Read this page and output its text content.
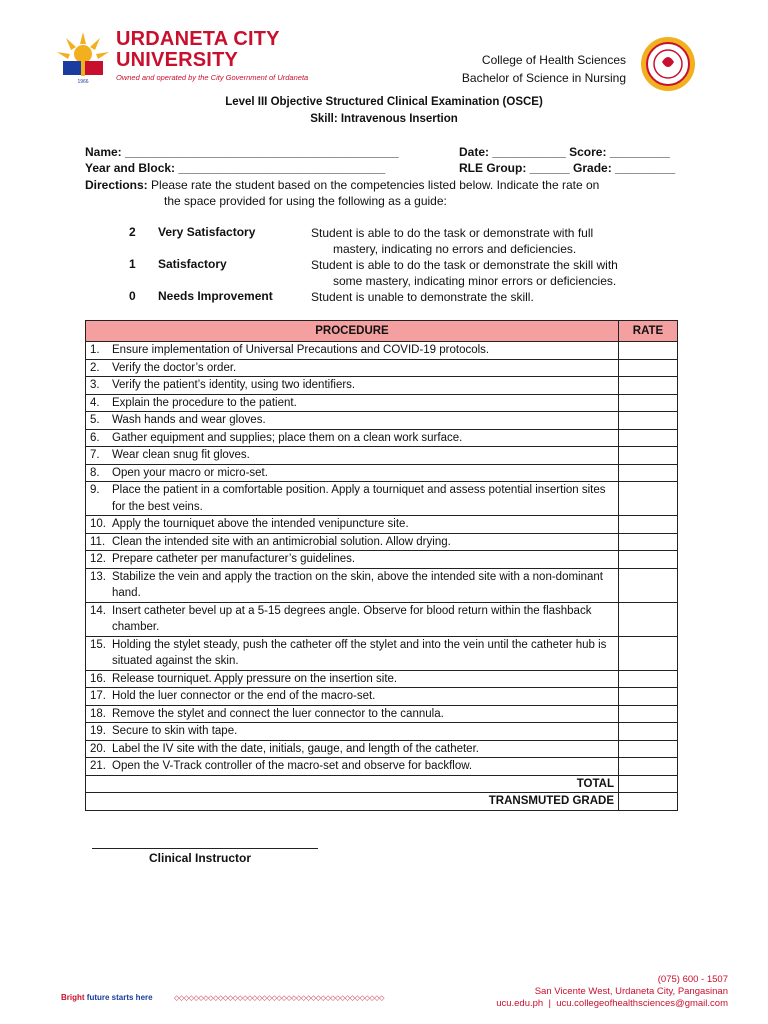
1966
URDANETA CITY
UNIVERSITY
Owned and operated by the City Government of Urdaneta
College of Health Sciences
Bachelor of Science in Nursing
Level III Objective Structured Clinical Examination (OSCE)
Skill: Intravenous Insertion
Name: _________________________________________	Date: ___________ Score: _________
Year and Block: _______________________________	RLE Group: ______ Grade: _________
Directions: Please rate the student based on the competencies listed below. Indicate the rate on
the space provided for using the following as a guide:
2 Very Satisfactory	Student is able to do the task or demonstrate with full
mastery, indicating no errors and deficiencies.
1 Satisfactory	Student is able to do the task or demonstrate the skill with
some mastery, indicating minor errors or deficiencies.
0 Needs Improvement	Student is unable to demonstrate the skill.
PROCEDURE	RATE

1. Ensure implementation of Universal Precautions and COVID-19 protocols.	

2. Verify the doctor’s order.	

3. Verify the patient’s identity, using two identifiers.	

4. Explain the procedure to the patient.	

5. Wash hands and wear gloves.	

6. Gather equipment and supplies; place them on a clean work surface.	

7. Wear clean snug fit gloves.	

8. Open your macro or micro-set.	

9. Place the patient in a comfortable position. Apply a tourniquet and assess potential insertion sites for the best veins.	

10. Apply the tourniquet above the intended venipuncture site.	

11. Clean the intended site with an antimicrobial solution. Allow drying.	

12. Prepare catheter per manufacturer’s guidelines.	

13. Stabilize the vein and apply the traction on the skin, above the intended site with a non-dominant hand.	

14. Insert catheter bevel up at a 5-15 degrees angle. Observe for blood return within the flashback chamber.	

15. Holding the stylet steady, push the catheter off the stylet and into the vein until the catheter hub is situated against the skin.	

16. Release tourniquet. Apply pressure on the insertion site.	

17. Hold the luer connector or the end of the macro-set.	

18. Remove the stylet and connect the luer connector to the cannula.	

19. Secure to skin with tape.	

20. Label the IV site with the date, initials, gauge, and length of the catheter.	

21. Open the V-Track controller of the macro-set and observe for backflow.	

TOTAL	
TRANSMUTED GRADE	
Clinical Instructor
(075) 600 - 1507
San Vicente West, Urdaneta City, Pangasinan
ucu.edu.ph  |  ucu.collegeofhealthsciences@gmail.com
Bright future starts here	◇◇◇◇◇◇◇◇◇◇◇◇◇◇◇◇◇◇◇◇◇◇◇◇◇◇◇◇◇◇◇◇◇◇◇◇◇◇◇◇◇◇◇
